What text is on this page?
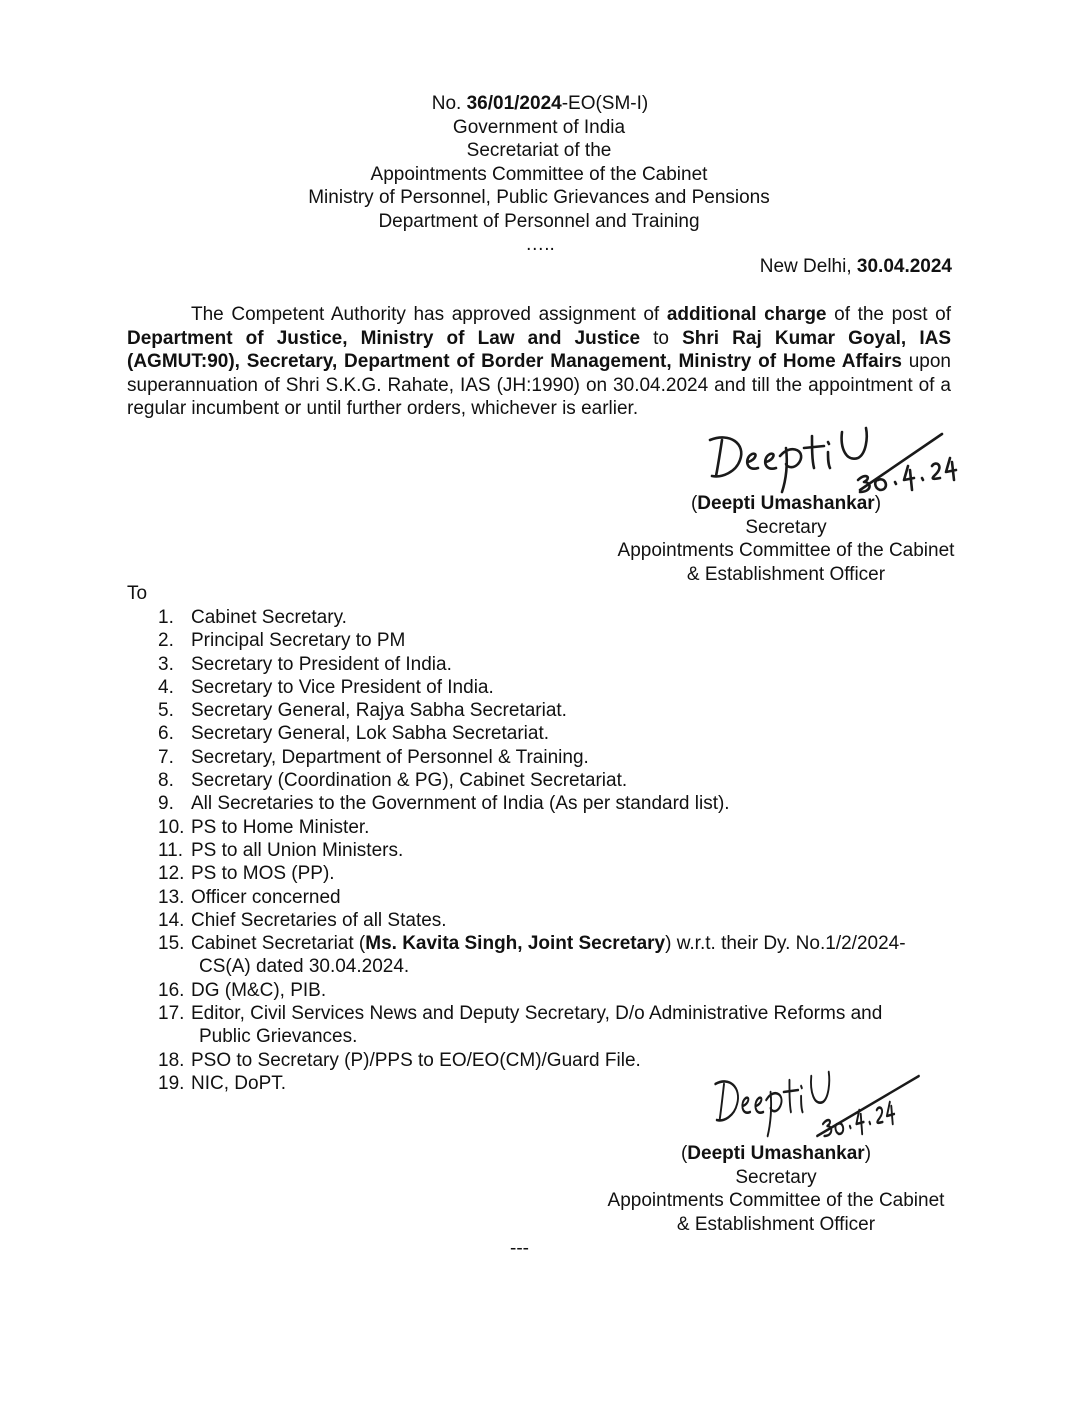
No. 36/01/2024-EO(SM-I)
Government of India
Secretariat of the
Appointments Committee of the Cabinet
Ministry of Personnel, Public Grievances and Pensions
Department of Personnel and Training
…..
New Delhi, 30.04.2024
The Competent Authority has approved assignment of additional charge of the post of Department of Justice, Ministry of Law and Justice to Shri Raj Kumar Goyal, IAS (AGMUT:90), Secretary, Department of Border Management, Ministry of Home Affairs upon superannuation of Shri S.K.G. Rahate, IAS (JH:1990) on 30.04.2024 and till the appointment of a regular incumbent or until further orders, whichever is earlier.
(Deepti Umashankar)
Secretary
Appointments Committee of the Cabinet
& Establishment Officer
To
1. Cabinet Secretary.
2. Principal Secretary to PM
3. Secretary to President of India.
4. Secretary to Vice President of India.
5. Secretary General, Rajya Sabha Secretariat.
6. Secretary General, Lok Sabha Secretariat.
7. Secretary, Department of Personnel & Training.
8. Secretary (Coordination & PG), Cabinet Secretariat.
9. All Secretaries to the Government of India (As per standard list).
10. PS to Home Minister.
11. PS to all Union Ministers.
12. PS to MOS (PP).
13. Officer concerned
14. Chief Secretaries of all States.
15. Cabinet Secretariat (Ms. Kavita Singh, Joint Secretary) w.r.t. their Dy. No.1/2/2024-
CS(A) dated 30.04.2024.
16. DG (M&C), PIB.
17. Editor, Civil Services News and Deputy Secretary, D/o Administrative Reforms and
Public Grievances.
18. PSO to Secretary (P)/PPS to EO/EO(CM)/Guard File.
19. NIC, DoPT.
(Deepti Umashankar)
Secretary
Appointments Committee of the Cabinet
& Establishment Officer
---
